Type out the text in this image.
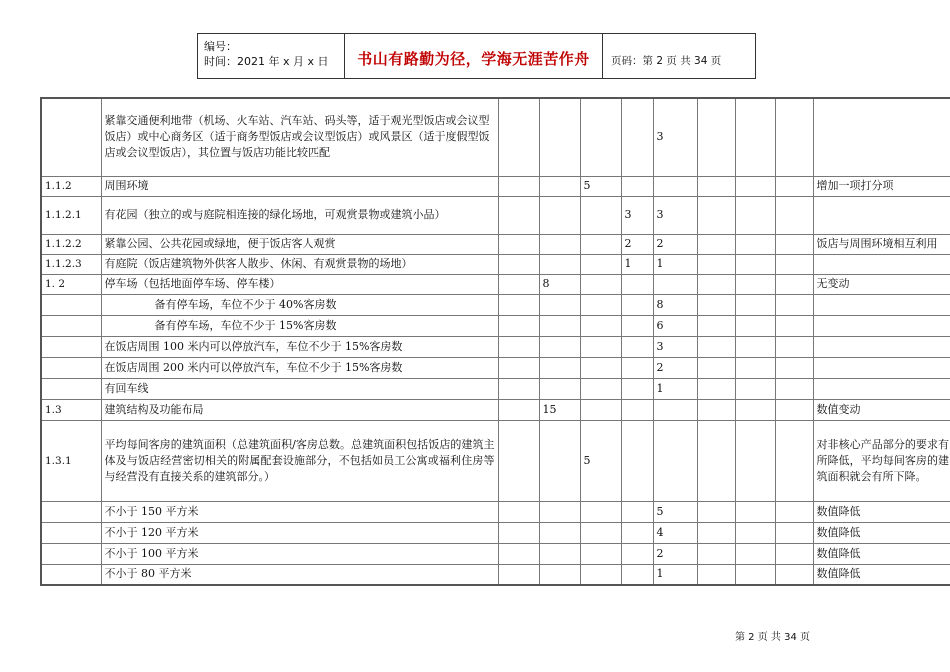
编号：
时间：2021 年 x 月 x 日	书山有路勤为径，学海无涯苦作舟	页码：第 2 页 共 34 页
	紧靠交通便利地带（机场、火车站、汽车站、码头等，适于观光型饭店或会议型饭店）或中心商务区（适于商务型饭店或会议型饭店）或风景区（适于度假型饭店或会议型饭店），其位置与饭店功能比较匹配					3				
1.1.2	周围环境			5						增加一项打分项
1.1.2.1	有花园（独立的或与庭院相连接的绿化场地，可观赏景物或建筑小品）				3	3				
1.1.2.2	紧靠公园、公共花园或绿地，便于饭店客人观赏				2	2				饭店与周围环境相互利用
1.1.2.3	有庭院（饭店建筑物外供客人散步、休闲、有观赏景物的场地）				1	1				
1. 2	停车场（包括地面停车场、停车楼）		8							无变动
	备有停车场，车位不少于 40%客房数					8				
	备有停车场，车位不少于 15%客房数					6				
	在饭店周围 100 米内可以停放汽车，车位不少于 15%客房数					3				
	在饭店周围 200 米内可以停放汽车，车位不少于 15%客房数					2				
	有回车线					1				
1.3	建筑结构及功能布局		15							数值变动
1.3.1	平均每间客房的建筑面积（总建筑面积/客房总数。总建筑面积包括饭店的建筑主体及与饭店经营密切相关的附属配套设施部分，不包括如员工公寓或福利住房等与经营没有直接关系的建筑部分。）			5						对非核心产品部分的要求有所降低，平均每间客房的建筑面积就会有所下降。
	不小于 150 平方米					5				数值降低
	不小于 120 平方米					4				数值降低
	不小于 100 平方米					2				数值降低
	不小于 80 平方米					1				数值降低
第 2 页 共 34 页
